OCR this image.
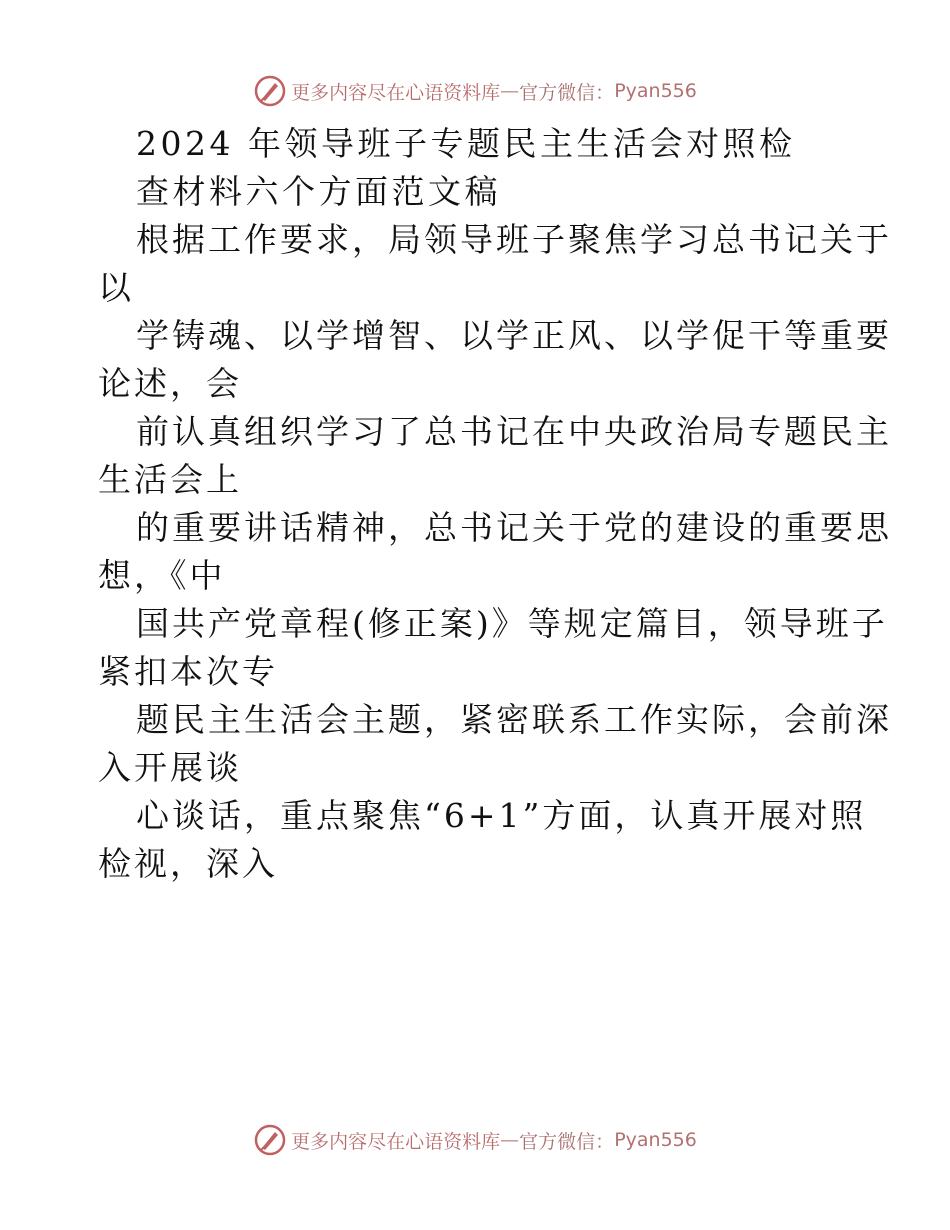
更多内容尽在心语资料库 — 官方微信： Pyan556
2024 年领导班子专题民主生活会对照检
查材料六个方面范文稿
根据工作要求，局领导班子聚焦学习总书记关于
以
学铸魂、以学增智、以学正风、以学促干等重要
论述，会
前认真组织学习了总书记在中央政治局专题民主
生活会上
的重要讲话精神，总书记关于党的建设的重要思
想，《中
国共产党章程(修正案)》等规定篇目，领导班子
紧扣本次专
题民主生活会主题，紧密联系工作实际，会前深
入开展谈
心谈话，重点聚焦“6+1”方面，认真开展对照
检视，深入
更多内容尽在心语资料库 — 官方微信： Pyan556
